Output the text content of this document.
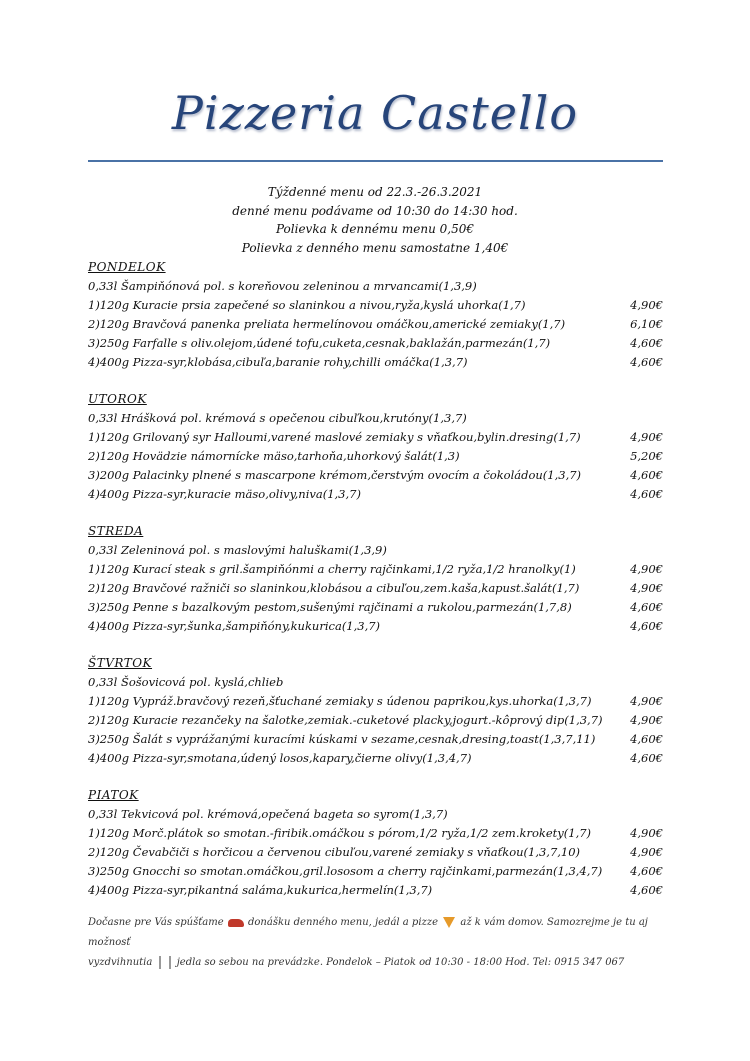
Pizzeria Castello
Týždenné menu od 22.3.-26.3.2021
denné menu podávame od 10:30 do 14:30 hod.
Polievka k dennému menu 0,50€
Polievka z denného menu samostatne 1,40€
PONDELOK
0,33l Šampiňónová pol. s koreňovou zeleninou a mrvancami(1,3,9)
1)120g Kuracie prsia zapečené so slaninkou a nivou,ryža,kyslá uhorka(1,7)	4,90€
2)120g Bravčová panenka preliata hermelínovou omáčkou,americké zemiaky(1,7)	6,10€
3)250g Farfalle s oliv.olejom,údené tofu,cuketa,cesnak,baklažán,parmezán(1,7)	4,60€
4)400g Pizza-syr,klobása,cibuľa,baranie rohy,chilli omáčka(1,3,7)	4,60€
UTOROK
0,33l Hrášková pol. krémová s opečenou cibuľkou,krutóny(1,3,7)
1)120g Grilovaný syr Halloumi,varené maslové zemiaky s vňaťkou,bylin.dresing(1,7)	4,90€
2)120g Hovädzie námornícke mäso,tarhoňa,uhorkový šalát(1,3)	5,20€
3)200g Palacinky plnené s mascarpone krémom,čerstvým ovocím a čokoládou(1,3,7)	4,60€
4)400g Pizza-syr,kuracie mäso,olivy,niva(1,3,7)	4,60€
STREDA
0,33l Zeleninová pol. s maslovými haluškami(1,3,9)
1)120g Kurací steak s gril.šampiňónmi a cherry rajčinkami,1/2 ryža,1/2 hranolky(1)	4,90€
2)120g Bravčové ražniči so slaninkou,klobásou a cibuľou,zem.kaša,kapust.šalát(1,7)	4,90€
3)250g Penne s bazalkovým pestom,sušenými rajčinami a rukolou,parmezán(1,7,8)	4,60€
4)400g Pizza-syr,šunka,šampiňóny,kukurica(1,3,7)	4,60€
ŠTVRTOK
0,33l Šošovicová pol. kyslá,chlieb
1)120g Vypráž.bravčový rezeň,šťuchané zemiaky s údenou paprikou,kys.uhorka(1,3,7)	4,90€
2)120g Kuracie rezančeky na šalotke,zemiak.-cuketové placky,jogurt.-kôprový dip(1,3,7)	4,90€
3)250g Šalát s vyprážanými kuracími kúskami v sezame,cesnak,dresing,toast(1,3,7,11)	4,60€
4)400g Pizza-syr,smotana,údený losos,kapary,čierne olivy(1,3,4,7)	4,60€
PIATOK
0,33l Tekvicová pol. krémová,opečená bageta so syrom(1,3,7)
1)120g Morč.plátok so smotan.-firibik.omáčkou s pórom,1/2 ryža,1/2 zem.krokety(1,7)	4,90€
2)120g Čevabčiči s horčicou a červenou cibuľou,varené zemiaky s vňaťkou(1,3,7,10)	4,90€
3)250g Gnocchi so smotan.omáčkou,gril.lososom a cherry rajčinkami,parmezán(1,3,4,7)	4,60€
4)400g Pizza-syr,pikantná saláma,kukurica,hermelín(1,3,7)	4,60€
Dočasne pre Vás spúšťame donášku denného menu, jedál a pizze až k vám domov. Samozrejme je tu aj možnosť
vyzdvihnutia jedla so sebou na prevádzke. Pondelok – Piatok od 10:30 - 18:00 Hod. Tel: 0915 347 067
